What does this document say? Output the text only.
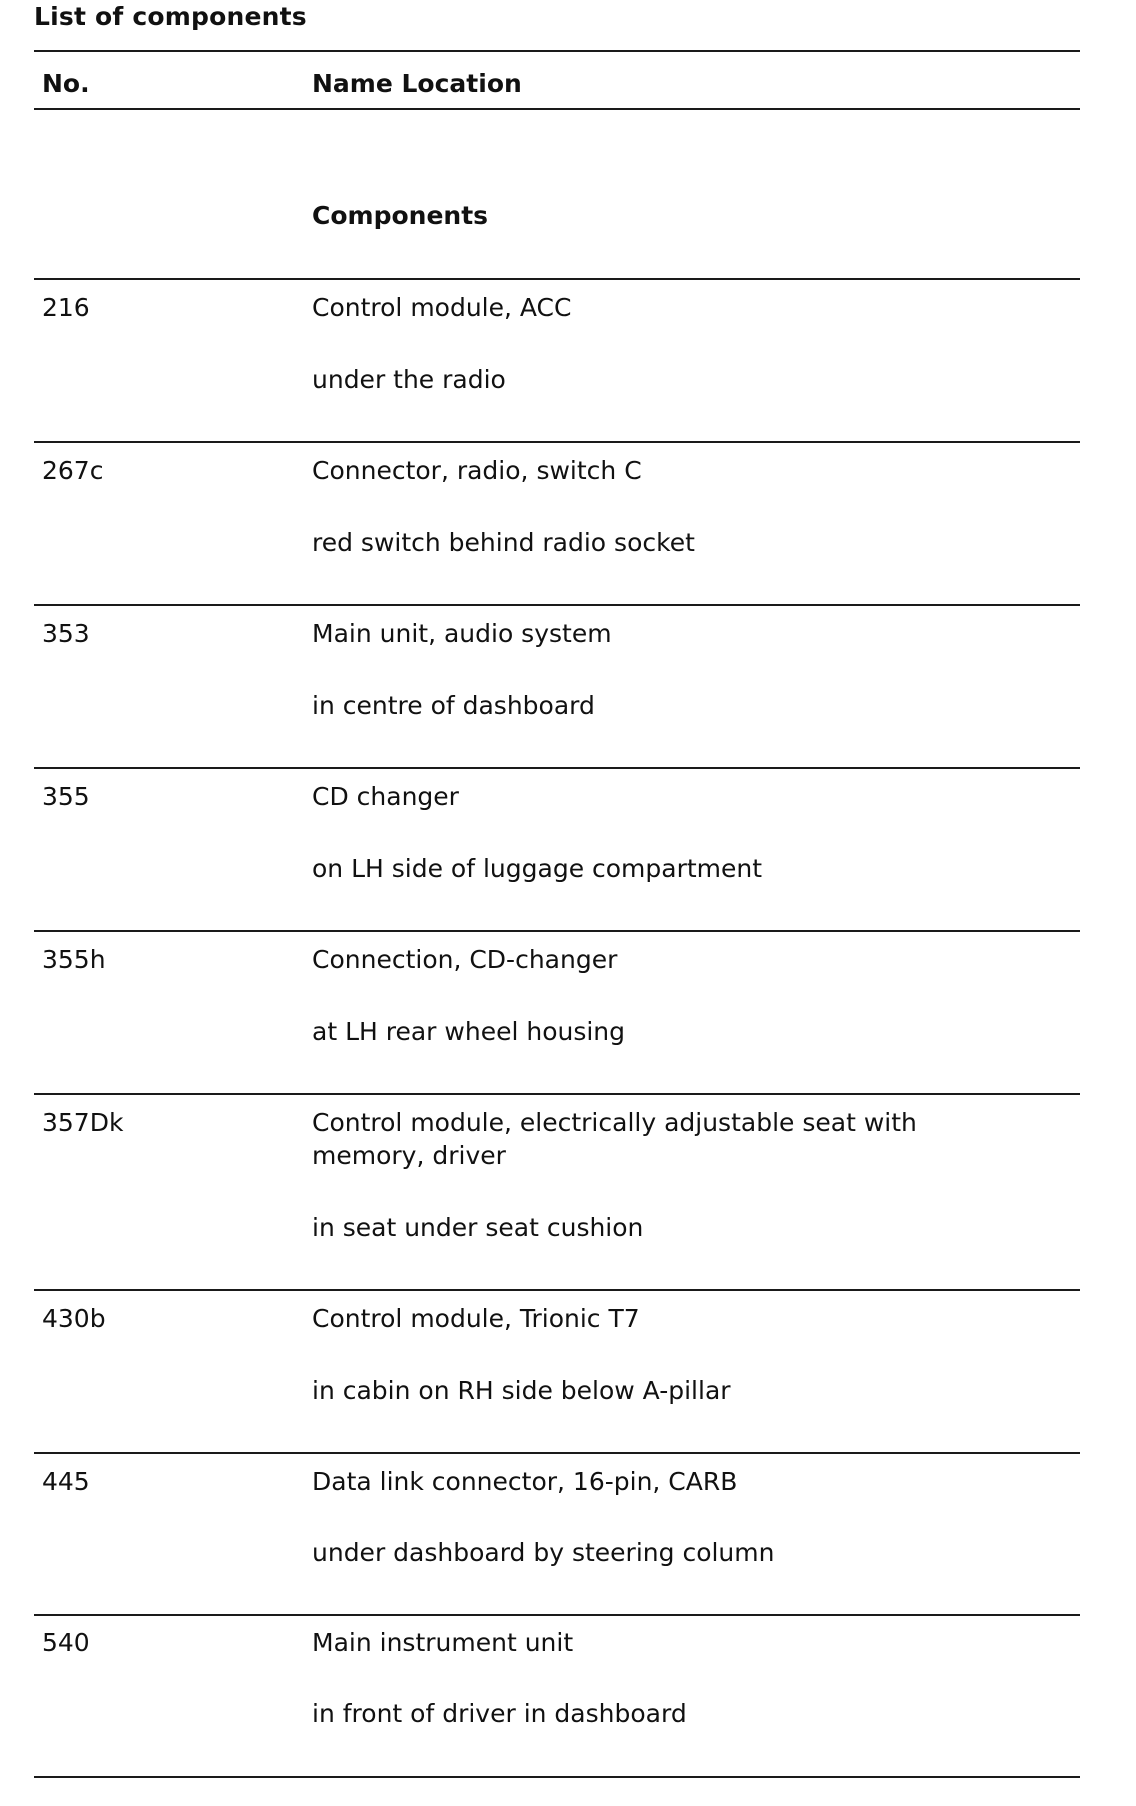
List of components
No.	Name Location
Components
216	Control module, ACC
under the radio
267c	Connector, radio, switch C
red switch behind radio socket
353	Main unit, audio system
in centre of dashboard
355	CD changer
on LH side of luggage compartment
355h	Connection, CD-changer
at LH rear wheel housing
357Dk	Control module, electrically adjustable seat with memory, driver
in seat under seat cushion
430b	Control module, Trionic T7
in cabin on RH side below A-pillar
445	Data link connector, 16-pin, CARB
under dashboard by steering column
540	Main instrument unit
in front of driver in dashboard
